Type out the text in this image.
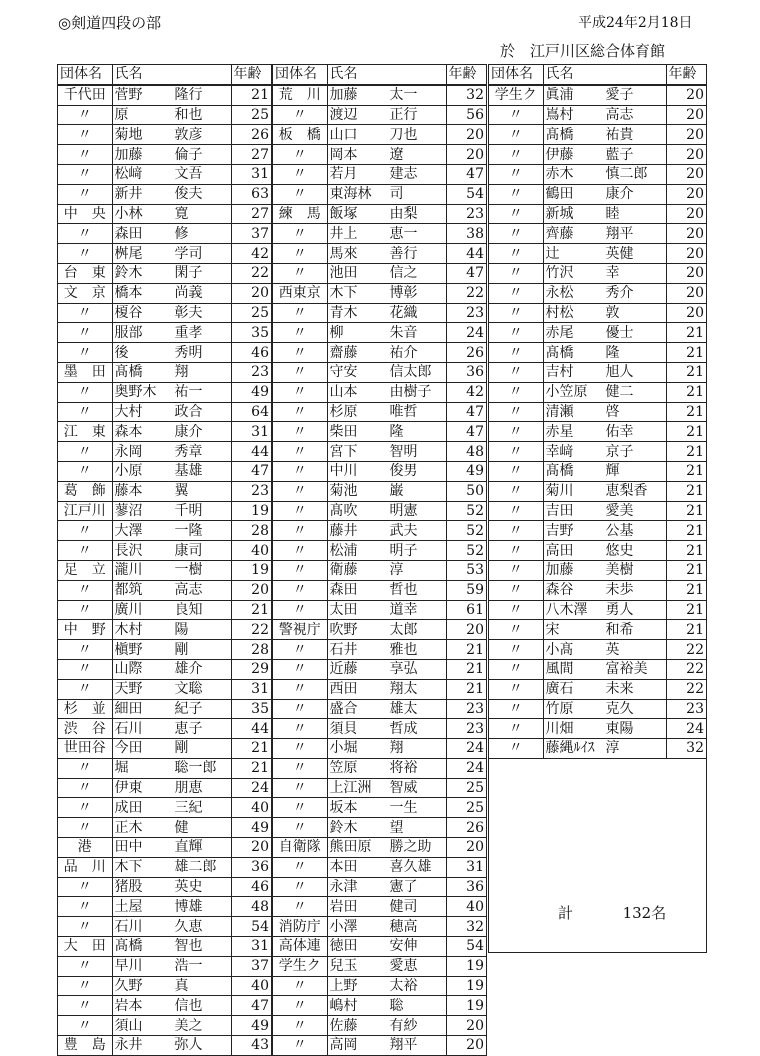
◎剣道四段の部	平成24年2月18日
於　江戸川区総合体育館
団体名	氏名	年齢
千代田	菅野 隆行	21
〃	原 和也	25
〃	菊地 敦彦	26
〃	加藤 倫子	27
〃	松﨑 文吾	31
〃	新井 俊夫	63
中　央	小林 寛	27
〃	森田 修	37
〃	桝尾 学司	42
台　東	鈴木 閑子	22
文　京	橋本 尚義	20
〃	榎谷 彰夫	25
〃	服部 重孝	35
〃	後 秀明	46
墨　田	髙橋 翔	23
〃	奥野木 祐一	49
〃	大村 政合	64
江　東	森本 康介	31
〃	永岡 秀章	44
〃	小原 基雄	47
葛　飾	藤本 翼	23
江戸川	蓼沼 千明	19
〃	大澤 一隆	28
〃	長沢 康司	40
足　立	瀧川 一樹	19
〃	都筑 高志	20
〃	廣川 良知	21
中　野	木村 陽	22
〃	槇野 剛	28
〃	山際 雄介	29
〃	天野 文聡	31
杉　並	細田 紀子	35
渋　谷	石川 恵子	44
世田谷	今田 剛	21
〃	堀 聡一郎	21
〃	伊東 朋恵	24
〃	成田 三紀	40
〃	正木 健	49
港	田中 直輝	20
品　川	木下 雄二郎	36
〃	猪股 英史	46
〃	土屋 博雄	48
〃	石川 久恵	54
大　田	髙橋 智也	31
〃	早川 浩一	37
〃	久野 真	40
〃	岩本 信也	47
〃	須山 美之	49
豊　島	永井 弥人	43
団体名	氏名	年齢
荒　川	加藤 太一	32
〃	渡辺 正行	56
板　橋	山口 刀也	20
〃	岡本 遼	20
〃	若月 建志	47
〃	東海林 司	54
練　馬	飯塚 由梨	23
〃	井上 恵一	38
〃	馬來 善行	44
〃	池田 信之	47
西東京	木下 博彰	22
〃	青木 花織	23
〃	柳 朱音	24
〃	齋藤 祐介	26
〃	守安 信太郎	36
〃	山本 由樹子	42
〃	杉原 唯哲	47
〃	柴田 隆	47
〃	宮下 智明	48
〃	中川 俊男	49
〃	菊池 巌	50
〃	髙吹 明憲	52
〃	藤井 武夫	52
〃	松浦 明子	52
〃	衛藤 淳	53
〃	森田 哲也	59
〃	太田 道幸	61
警視庁	吹野 太郎	20
〃	石井 雅也	21
〃	近藤 享弘	21
〃	西田 翔太	21
〃	盛合 雄太	23
〃	須貝 哲成	23
〃	小堀 翔	24
〃	笠原 将裕	24
〃	上江洲 智威	25
〃	坂本 一生	25
〃	鈴木 望	26
自衛隊	熊田原 勝之助	20
〃	本田 喜久雄	31
〃	永津 憲了	36
〃	岩田 健司	40
消防庁	小澤 穂高	32
高体連	徳田 安伸	54
学生ク	兒玉 愛恵	19
〃	上野 太裕	19
〃	嶋村 聡	19
〃	佐藤 有紗	20
〃	高岡 翔平	20
団体名	氏名	年齢
学生ク	眞浦 愛子	20
〃	嶌村 高志	20
〃	髙橋 祐貴	20
〃	伊藤 藍子	20
〃	赤木 慎二郎	20
〃	鶴田 康介	20
〃	新城 睦	20
〃	齊藤 翔平	20
〃	辻 英健	20
〃	竹沢 幸	20
〃	永松 秀介	20
〃	村松 敦	20
〃	赤尾 優士	21
〃	髙橋 隆	21
〃	吉村 旭人	21
〃	小笠原 健二	21
〃	清瀬 啓	21
〃	赤星 佑幸	21
〃	幸﨑 京子	21
〃	髙橋 輝	21
〃	菊川 恵梨香	21
〃	吉田 愛美	21
〃	吉野 公基	21
〃	高田 悠史	21
〃	加藤 美樹	21
〃	森谷 未歩	21
〃	八木澤 勇人	21
〃	宋 和希	21
〃	小髙 英	22
〃	風間 富裕美	22
〃	廣石 未来	22
〃	竹原 克久	23
〃	川畑 東陽	24
〃	藤縄ﾙｲｽ 淳	32
計	132名
